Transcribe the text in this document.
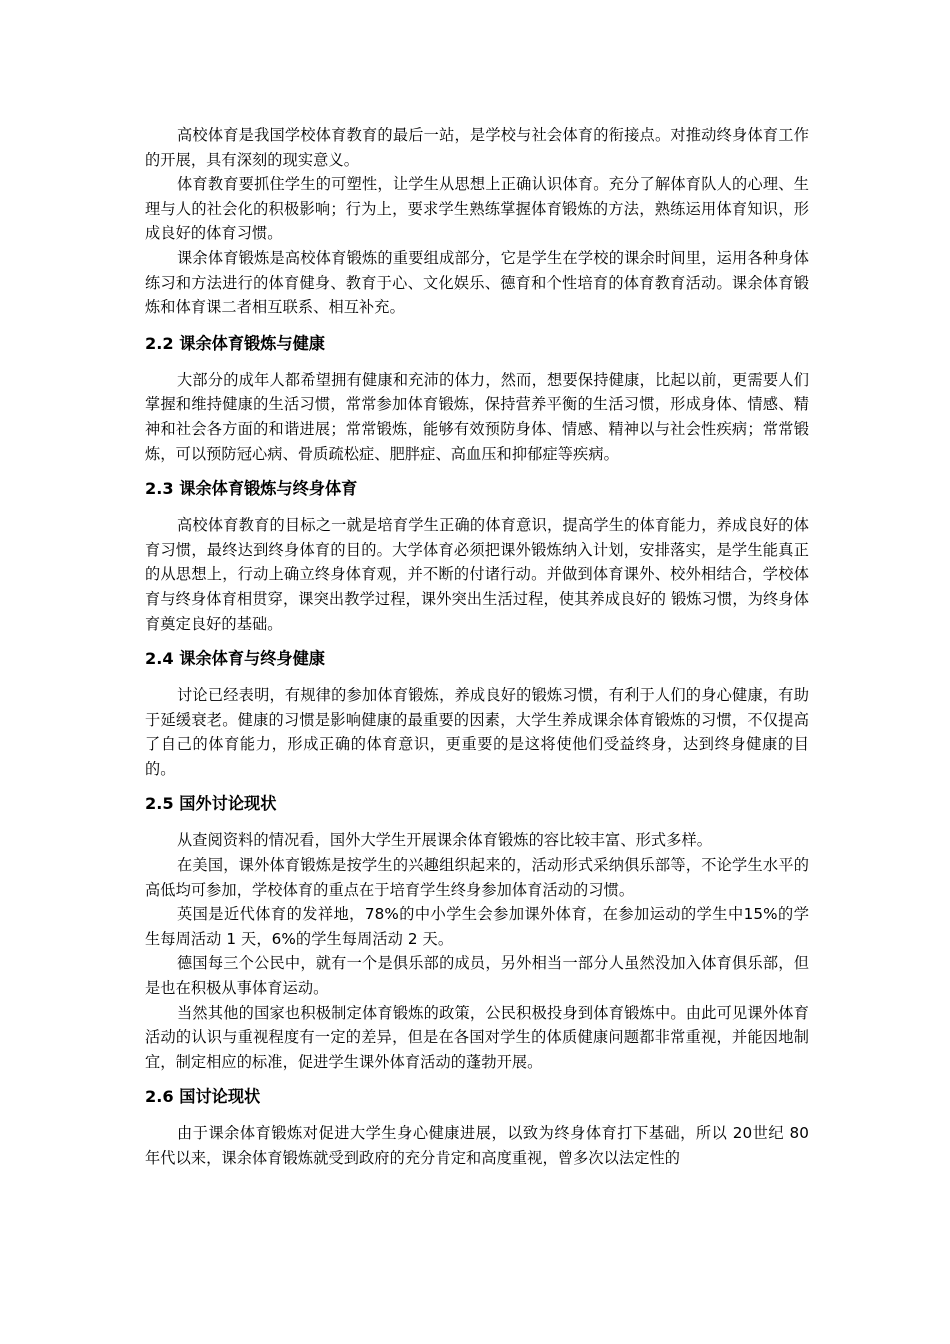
高校体育是我国学校体育教育的最后一站，是学校与社会体育的衔接点。对推动终身体育工作的开展，具有深刻的现实意义。

体育教育要抓住学生的可塑性，让学生从思想上正确认识体育。充分了解体育队人的心理、生理与人的社会化的积极影响；行为上，要求学生熟练掌握体育锻炼的方法，熟练运用体育知识，形成良好的体育习惯。

课余体育锻炼是高校体育锻炼的重要组成部分，它是学生在学校的课余时间里，运用各种身体练习和方法进行的体育健身、教育于心、文化娱乐、德育和个性培育的体育教育活动。课余体育锻炼和体育课二者相互联系、相互补充。

2.2 课余体育锻炼与健康

大部分的成年人都希望拥有健康和充沛的体力，然而，想要保持健康，比起以前，更需要人们掌握和维持健康的生活习惯，常常参加体育锻炼，保持营养平衡的生活习惯，形成身体、情感、精神和社会各方面的和谐进展；常常锻炼，能够有效预防身体、情感、精神以与社会性疾病；常常锻炼，可以预防冠心病、骨质疏松症、肥胖症、高血压和抑郁症等疾病。

2.3 课余体育锻炼与终身体育

高校体育教育的目标之一就是培育学生正确的体育意识，提高学生的体育能力，养成良好的体育习惯，最终达到终身体育的目的。大学体育必须把课外锻炼纳入计划，安排落实，是学生能真正的从思想上，行动上确立终身体育观，并不断的付诸行动。并做到体育课外、校外相结合，学校体育与终身体育相贯穿，课突出教学过程，课外突出生活过程，使其养成良好的 锻炼习惯，为终身体育奠定良好的基础。

2.4 课余体育与终身健康

讨论已经表明，有规律的参加体育锻炼，养成良好的锻炼习惯，有利于人们的身心健康，有助于延缓衰老。健康的习惯是影响健康的最重要的因素，大学生养成课余体育锻炼的习惯，不仅提高了自己的体育能力，形成正确的体育意识，更重要的是这将使他们受益终身，达到终身健康的目的。

2.5 国外讨论现状

从查阅资料的情况看，国外大学生开展课余体育锻炼的容比较丰富、形式多样。

在美国，课外体育锻炼是按学生的兴趣组织起来的，活动形式采纳俱乐部等，不论学生水平的高低均可参加，学校体育的重点在于培育学生终身参加体育活动的习惯。

英国是近代体育的发祥地，78%的中小学生会参加课外体育，在参加运动的学生中15%的学生每周活动 1 天，6%的学生每周活动 2 天。

德国每三个公民中，就有一个是俱乐部的成员，另外相当一部分人虽然没加入体育俱乐部，但是也在积极从事体育运动。

当然其他的国家也积极制定体育锻炼的政策，公民积极投身到体育锻炼中。由此可见课外体育活动的认识与重视程度有一定的差异，但是在各国对学生的体质健康问题都非常重视，并能因地制宜，制定相应的标准，促进学生课外体育活动的蓬勃开展。

2.6 国讨论现状

由于课余体育锻炼对促进大学生身心健康进展，以致为终身体育打下基础，所以 20世纪 80 年代以来，课余体育锻炼就受到政府的充分肯定和高度重视，曾多次以法定性的
